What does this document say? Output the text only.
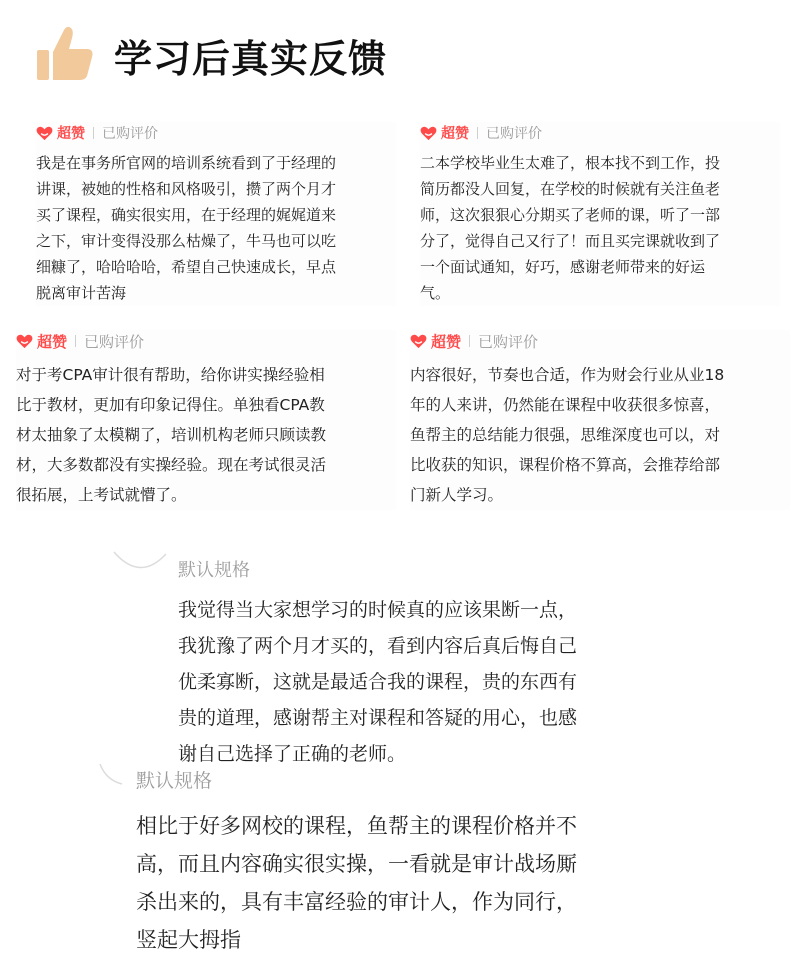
学习后真实反馈
超赞 已购评价
我是在事务所官网的培训系统看到了于经理的
讲课，被她的性格和风格吸引，攒了两个月才
买了课程，确实很实用，在于经理的娓娓道来
之下，审计变得没那么枯燥了，牛马也可以吃
细糠了，哈哈哈哈，希望自己快速成长，早点
脱离审计苦海
超赞 已购评价
二本学校毕业生太难了，根本找不到工作，投
简历都没人回复，在学校的时候就有关注鱼老
师，这次狠狠心分期买了老师的课，听了一部
分了，觉得自己又行了！而且买完课就收到了
一个面试通知，好巧，感谢老师带来的好运
气。
超赞 已购评价
对于考CPA审计很有帮助，给你讲实操经验相
比于教材，更加有印象记得住。单独看CPA教
材太抽象了太模糊了，培训机构老师只顾读教
材，大多数都没有实操经验。现在考试很灵活
很拓展，上考试就懵了。
超赞 已购评价
内容很好，节奏也合适，作为财会行业从业18
年的人来讲，仍然能在课程中收获很多惊喜，
鱼帮主的总结能力很强，思维深度也可以，对
比收获的知识，课程价格不算高，会推荐给部
门新人学习。
默认规格
我觉得当大家想学习的时候真的应该果断一点，
我犹豫了两个月才买的，看到内容后真后悔自己
优柔寡断，这就是最适合我的课程，贵的东西有
贵的道理，感谢帮主对课程和答疑的用心，也感
谢自己选择了正确的老师。
默认规格
相比于好多网校的课程，鱼帮主的课程价格并不
高，而且内容确实很实操，一看就是审计战场厮
杀出来的，具有丰富经验的审计人，作为同行，
竖起大拇指
